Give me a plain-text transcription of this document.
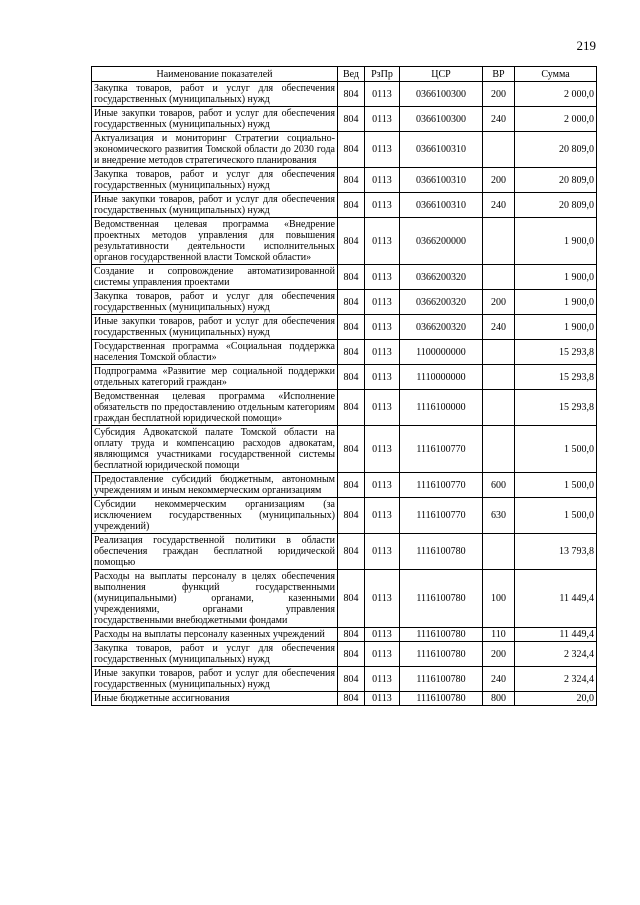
219
Наименование показателей	Вед	РзПр	ЦСР	ВР	Сумма
Закупка товаров, работ и услуг для обеспечения государственных (муниципальных) нужд	804	0113	0366100300	200	2 000,0
Иные закупки товаров, работ и услуг для обеспечения государственных (муниципальных) нужд	804	0113	0366100300	240	2 000,0
Актуализация и мониторинг Стратегии социально-экономического развития Томской области до 2030 года и внедрение методов стратегического планирования	804	0113	0366100310		20 809,0
Закупка товаров, работ и услуг для обеспечения государственных (муниципальных) нужд	804	0113	0366100310	200	20 809,0
Иные закупки товаров, работ и услуг для обеспечения государственных (муниципальных) нужд	804	0113	0366100310	240	20 809,0
Ведомственная целевая программа «Внедрение проектных методов управления для повышения результативности деятельности исполнительных органов государственной власти Томской области»	804	0113	0366200000		1 900,0
Создание и сопровождение автоматизированной системы управления проектами	804	0113	0366200320		1 900,0
Закупка товаров, работ и услуг для обеспечения государственных (муниципальных) нужд	804	0113	0366200320	200	1 900,0
Иные закупки товаров, работ и услуг для обеспечения государственных (муниципальных) нужд	804	0113	0366200320	240	1 900,0
Государственная программа «Социальная поддержка населения Томской области»	804	0113	1100000000		15 293,8
Подпрограмма «Развитие мер социальной поддержки отдельных категорий граждан»	804	0113	1110000000		15 293,8
Ведомственная целевая программа «Исполнение обязательств по предоставлению отдельным категориям граждан бесплатной юридической помощи»	804	0113	1116100000		15 293,8
Субсидия Адвокатской палате Томской области на оплату труда и компенсацию расходов адвокатам, являющимся участниками государственной системы бесплатной юридической помощи	804	0113	1116100770		1 500,0
Предоставление субсидий бюджетным, автономным учреждениям и иным некоммерческим организациям	804	0113	1116100770	600	1 500,0
Субсидии некоммерческим организациям (за исключением государственных (муниципальных) учреждений)	804	0113	1116100770	630	1 500,0
Реализация государственной политики в области обеспечения граждан бесплатной юридической помощью	804	0113	1116100780		13 793,8
Расходы на выплаты персоналу в целях обеспечения выполнения функций государственными (муниципальными) органами, казенными учреждениями, органами управления государственными внебюджетными фондами	804	0113	1116100780	100	11 449,4
Расходы на выплаты персоналу казенных учреждений	804	0113	1116100780	110	11 449,4
Закупка товаров, работ и услуг для обеспечения государственных (муниципальных) нужд	804	0113	1116100780	200	2 324,4
Иные закупки товаров, работ и услуг для обеспечения государственных (муниципальных) нужд	804	0113	1116100780	240	2 324,4
Иные бюджетные ассигнования	804	0113	1116100780	800	20,0
